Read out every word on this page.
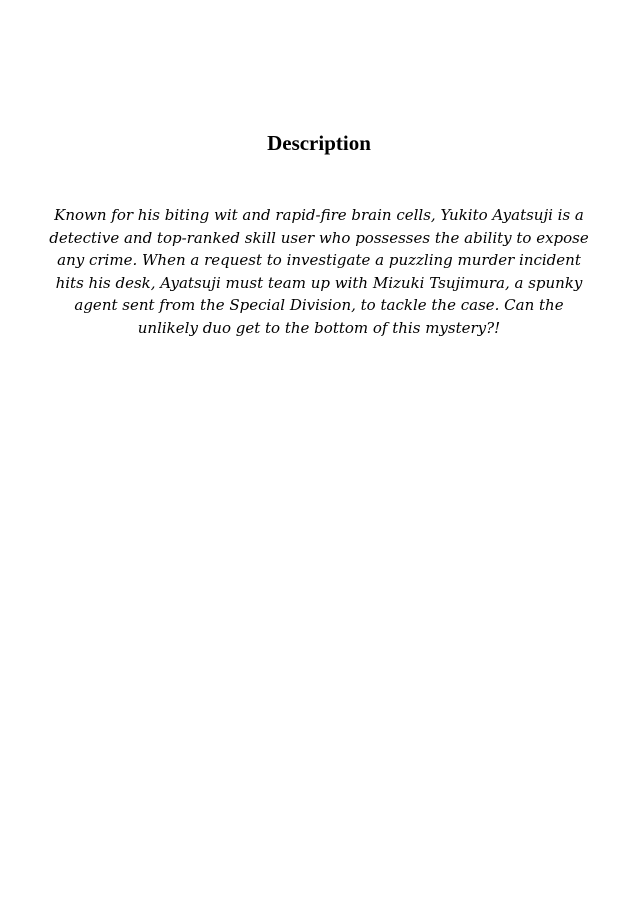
Description

Known for his biting wit and rapid-fire brain cells, Yukito Ayatsuji is a
detective and top-ranked skill user who possesses the ability to expose
any crime. When a request to investigate a puzzling murder incident
hits his desk, Ayatsuji must team up with Mizuki Tsujimura, a spunky
agent sent from the Special Division, to tackle the case. Can the
unlikely duo get to the bottom of this mystery?!
